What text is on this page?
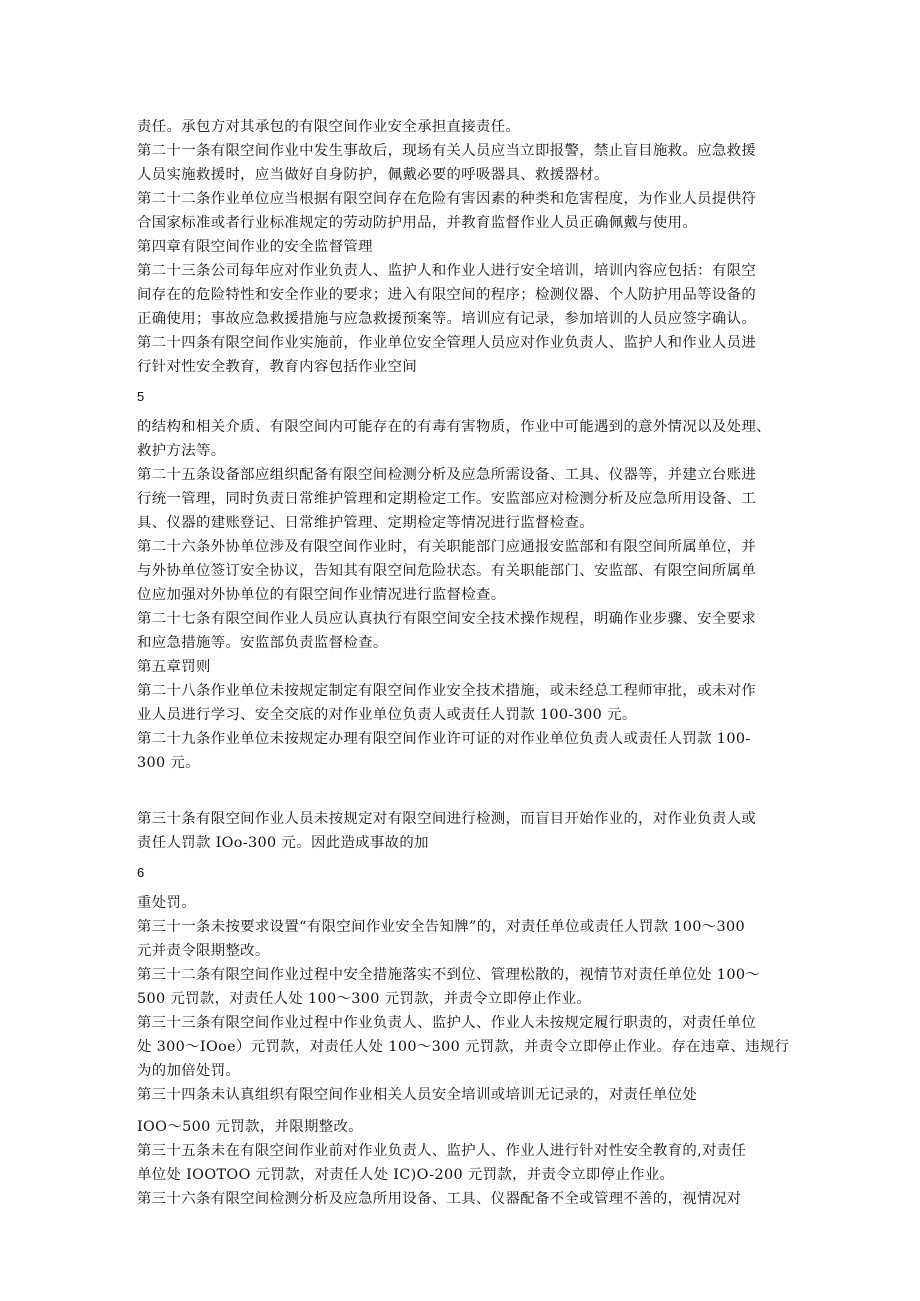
责任。承包方对其承包的有限空间作业安全承担直接责任。
第二十一条有限空间作业中发生事故后，现场有关人员应当立即报警，禁止盲目施救。应急救援
人员实施救援时，应当做好自身防护，佩戴必要的呼吸器具、救援器材。
第二十二条作业单位应当根据有限空间存在危险有害因素的种类和危害程度，为作业人员提供符
合国家标准或者行业标准规定的劳动防护用品，并教育监督作业人员正确佩戴与使用。
第四章有限空间作业的安全监督管理
第二十三条公司每年应对作业负责人、监护人和作业人进行安全培训，培训内容应包括：有限空
间存在的危险特性和安全作业的要求；进入有限空间的程序；检测仪器、个人防护用品等设备的
正确使用；事故应急救援措施与应急救援预案等。培训应有记录，参加培训的人员应签字确认。
第二十四条有限空间作业实施前，作业单位安全管理人员应对作业负责人、监护人和作业人员进
行针对性安全教育，教育内容包括作业空间
5
的结构和相关介质、有限空间内可能存在的有毒有害物质，作业中可能遇到的意外情况以及处理、
救护方法等。
第二十五条设备部应组织配备有限空间检测分析及应急所需设备、工具、仪器等，并建立台账进
行统一管理，同时负责日常维护管理和定期检定工作。安监部应对检测分析及应急所用设备、工
具、仪器的建账登记、日常维护管理、定期检定等情况进行监督检查。
第二十六条外协单位涉及有限空间作业时，有关职能部门应通报安监部和有限空间所属单位，并
与外协单位签订安全协议，告知其有限空间危险状态。有关职能部门、安监部、有限空间所属单
位应加强对外协单位的有限空间作业情况进行监督检查。
第二十七条有限空间作业人员应认真执行有限空间安全技术操作规程，明确作业步骤、安全要求
和应急措施等。安监部负责监督检查。
第五章罚则
第二十八条作业单位未按规定制定有限空间作业安全技术措施，或未经总工程师审批，或未对作
业人员进行学习、安全交底的对作业单位负责人或责任人罚款 100-300 元。
第二十九条作业单位未按规定办理有限空间作业许可证的对作业单位负责人或责任人罚款 100-
300 元。
第三十条有限空间作业人员未按规定对有限空间进行检测，而盲目开始作业的，对作业负责人或
责任人罚款 IOo-300 元。因此造成事故的加
6
重处罚。
第三十一条未按要求设置“有限空间作业安全告知牌”的，对责任单位或责任人罚款 100～300
元并责令限期整改。
第三十二条有限空间作业过程中安全措施落实不到位、管理松散的，视情节对责任单位处 100～
500 元罚款，对责任人处 100～300 元罚款，并责令立即停止作业。
第三十三条有限空间作业过程中作业负责人、监护人、作业人未按规定履行职责的，对责任单位
处 300～IOoe）元罚款，对责任人处 100～300 元罚款，并责令立即停止作业。存在违章、违规行
为的加倍处罚。
第三十四条未认真组织有限空间作业相关人员安全培训或培训无记录的，对责任单位处
IOO～500 元罚款，并限期整改。
第三十五条未在有限空间作业前对作业负责人、监护人、作业人进行针对性安全教育的,对责任
单位处 IOOTOO 元罚款，对责任人处 IC)O-200 元罚款，并责令立即停止作业。
第三十六条有限空间检测分析及应急所用设备、工具、仪器配备不全或管理不善的，视情况对
